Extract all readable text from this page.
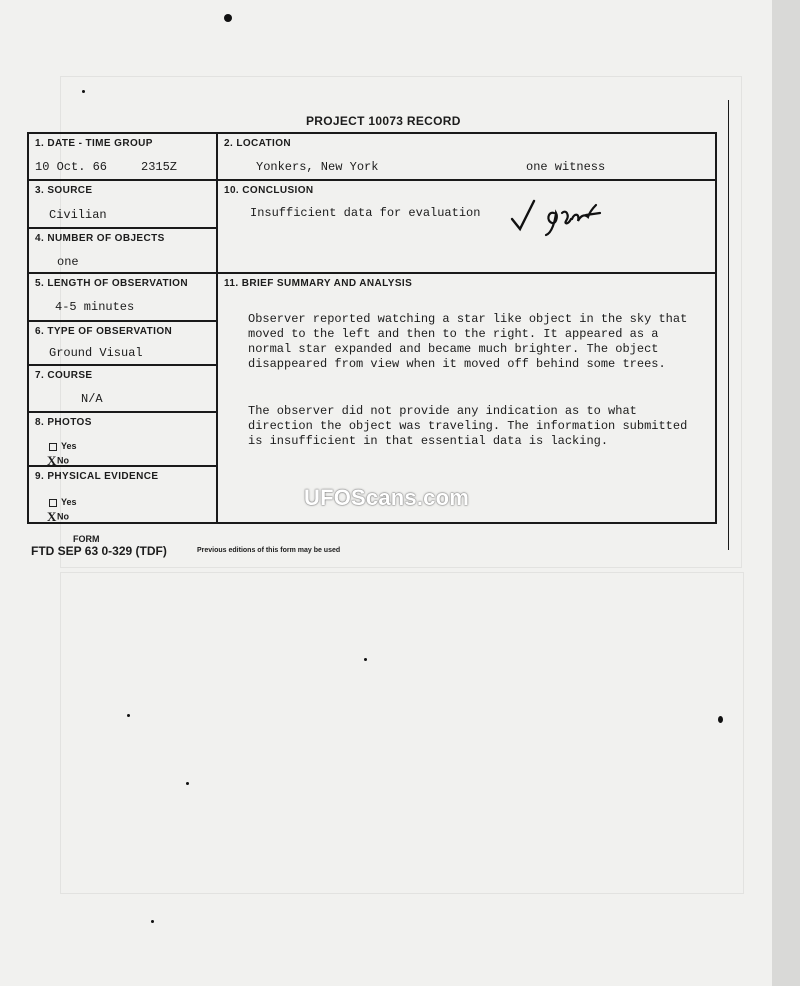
PROJECT 10073 RECORD
1. DATE - TIME GROUP
10 Oct. 66	2315Z
2. LOCATION
Yonkers, New York	one witness
3. SOURCE
Civilian
10. CONCLUSION
Insufficient data for evaluation
4. NUMBER OF OBJECTS
one
5. LENGTH OF OBSERVATION
4-5 minutes
11. BRIEF SUMMARY AND ANALYSIS

Observer reported watching a star like object in the sky that moved to the left and then to the right. It appeared as a normal star expanded and became much brighter. The object disappeared from view when it moved off behind some trees.

The observer did not provide any indication as to what direction the object was traveling. The information submitted is insufficient in that essential data is lacking.

6. TYPE OF OBSERVATION
Ground Visual
7. COURSE
N/A
8. PHOTOS
Yes
XNo
9. PHYSICAL EVIDENCE
Yes
XNo
UFOScans.com
FORM
FTD SEP 63 0-329 (TDF)	Previous editions of this form may be used
